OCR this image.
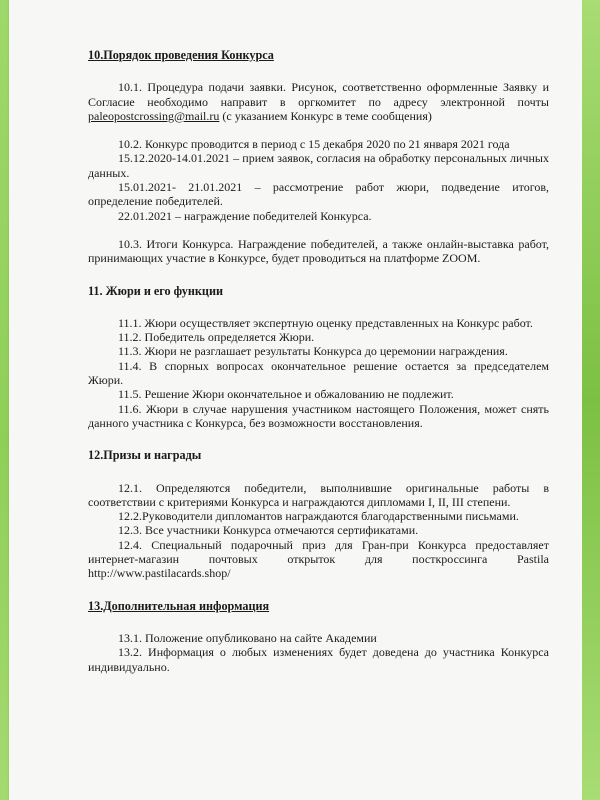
10.Порядок проведения Конкурса

10.1. Процедура подачи заявки. Рисунок, соответственно оформленные Заявку и Согласие необходимо направит в оргкомитет по адресу электронной почты paleopostcrossing@mail.ru (с указанием Конкурс в теме сообщения)

10.2. Конкурс проводится в период с 15 декабря 2020 по 21 января 2021 года

15.12.2020-14.01.2021 – прием заявок, согласия на обработку персональных личных данных.

15.01.2021- 21.01.2021 – рассмотрение работ жюри, подведение итогов, определение победителей.

22.01.2021 – награждение победителей Конкурса.

10.3. Итоги Конкурса. Награждение победителей, а также онлайн-выставка работ, принимающих участие в Конкурсе, будет проводиться на платформе ZOOM.

11. Жюри и его функции

11.1. Жюри осуществляет экспертную оценку представленных на Конкурс работ.

11.2. Победитель определяется Жюри.

11.3. Жюри не разглашает результаты Конкурса до церемонии награждения.

11.4. В спорных вопросах окончательное решение остается за председателем Жюри.

11.5. Решение Жюри окончательное и обжалованию не подлежит.

11.6. Жюри в случае нарушения участником настоящего Положения, может снять данного участника с Конкурса, без возможности восстановления.

12.Призы и награды

12.1. Определяются победители, выполнившие оригинальные работы в соответствии с критериями Конкурса и награждаются дипломами I, II, III степени.

12.2.Руководители дипломантов награждаются благодарственными письмами.

12.3. Все участники Конкурса отмечаются сертификатами.

12.4. Специальный подарочный приз для Гран-при Конкурса предоставляет интернет-магазин почтовых открыток для посткроссинга Pastila http://www.pastilacards.shop/

13.Дополнительная информация

13.1. Положение опубликовано на сайте Академии

13.2. Информация о любых изменениях будет доведена до участника Конкурса индивидуально.
